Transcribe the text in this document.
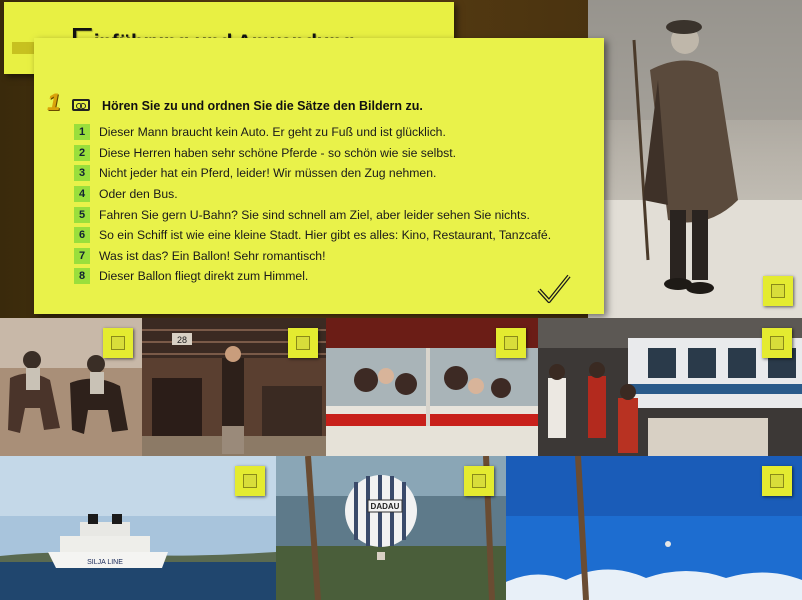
1	Hören Sie zu und ordnen Sie die Sätze den Bildern zu.
1	Dieser Mann braucht kein Auto. Er geht zu Fuß und ist glücklich.
2	Diese Herren haben sehr schöne Pferde - so schön wie sie selbst.
3	Nicht jeder hat ein Pferd, leider! Wir müssen den Zug nehmen.
4	Oder den Bus.
5	Fahren Sie gern U-Bahn? Sie sind schnell am Ziel, aber leider sehen Sie nichts.
6	So ein Schiff ist wie eine kleine Stadt. Hier gibt es alles: Kino, Restaurant, Tanzcafé.
7	Was ist das? Ein Ballon! Sehr romantisch!
8	Dieser Ballon fliegt direkt zum Himmel.
28
SILJA LINE
DADAU
